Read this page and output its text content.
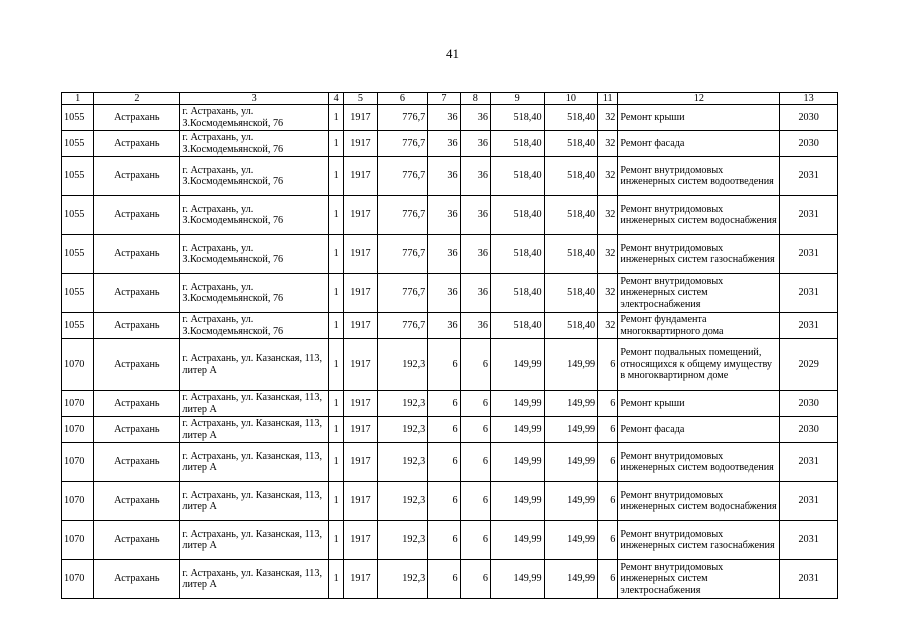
41
1	2	3	4	5	6	7	8	9	10	11	12	13
1055	Астрахань	г. Астрахань, ул. З.Космодемьянской, 76	1	1917	776,7	36	36	518,40	518,40	32	Ремонт крыши	2030
1055	Астрахань	г. Астрахань, ул. З.Космодемьянской, 76	1	1917	776,7	36	36	518,40	518,40	32	Ремонт фасада	2030
1055	Астрахань	г. Астрахань, ул. З.Космодемьянской, 76	1	1917	776,7	36	36	518,40	518,40	32	Ремонт внутридомовых инженерных систем водоотведения	2031
1055	Астрахань	г. Астрахань, ул. З.Космодемьянской, 76	1	1917	776,7	36	36	518,40	518,40	32	Ремонт внутридомовых инженерных систем водоснабжения	2031
1055	Астрахань	г. Астрахань, ул. З.Космодемьянской, 76	1	1917	776,7	36	36	518,40	518,40	32	Ремонт внутридомовых инженерных систем газоснабжения	2031
1055	Астрахань	г. Астрахань, ул. З.Космодемьянской, 76	1	1917	776,7	36	36	518,40	518,40	32	Ремонт внутридомовых инженерных систем электроснабжения	2031
1055	Астрахань	г. Астрахань, ул. З.Космодемьянской, 76	1	1917	776,7	36	36	518,40	518,40	32	Ремонт фундамента многоквартирного дома	2031
1070	Астрахань	г. Астрахань, ул. Казанская, 113, литер А	1	1917	192,3	6	6	149,99	149,99	6	Ремонт подвальных помещений, относящихся к общему имуществу в многоквартирном доме	2029
1070	Астрахань	г. Астрахань, ул. Казанская, 113, литер А	1	1917	192,3	6	6	149,99	149,99	6	Ремонт крыши	2030
1070	Астрахань	г. Астрахань, ул. Казанская, 113, литер А	1	1917	192,3	6	6	149,99	149,99	6	Ремонт фасада	2030
1070	Астрахань	г. Астрахань, ул. Казанская, 113, литер А	1	1917	192,3	6	6	149,99	149,99	6	Ремонт внутридомовых инженерных систем водоотведения	2031
1070	Астрахань	г. Астрахань, ул. Казанская, 113, литер А	1	1917	192,3	6	6	149,99	149,99	6	Ремонт внутридомовых инженерных систем водоснабжения	2031
1070	Астрахань	г. Астрахань, ул. Казанская, 113, литер А	1	1917	192,3	6	6	149,99	149,99	6	Ремонт внутридомовых инженерных систем газоснабжения	2031
1070	Астрахань	г. Астрахань, ул. Казанская, 113, литер А	1	1917	192,3	6	6	149,99	149,99	6	Ремонт внутридомовых инженерных систем электроснабжения	2031
